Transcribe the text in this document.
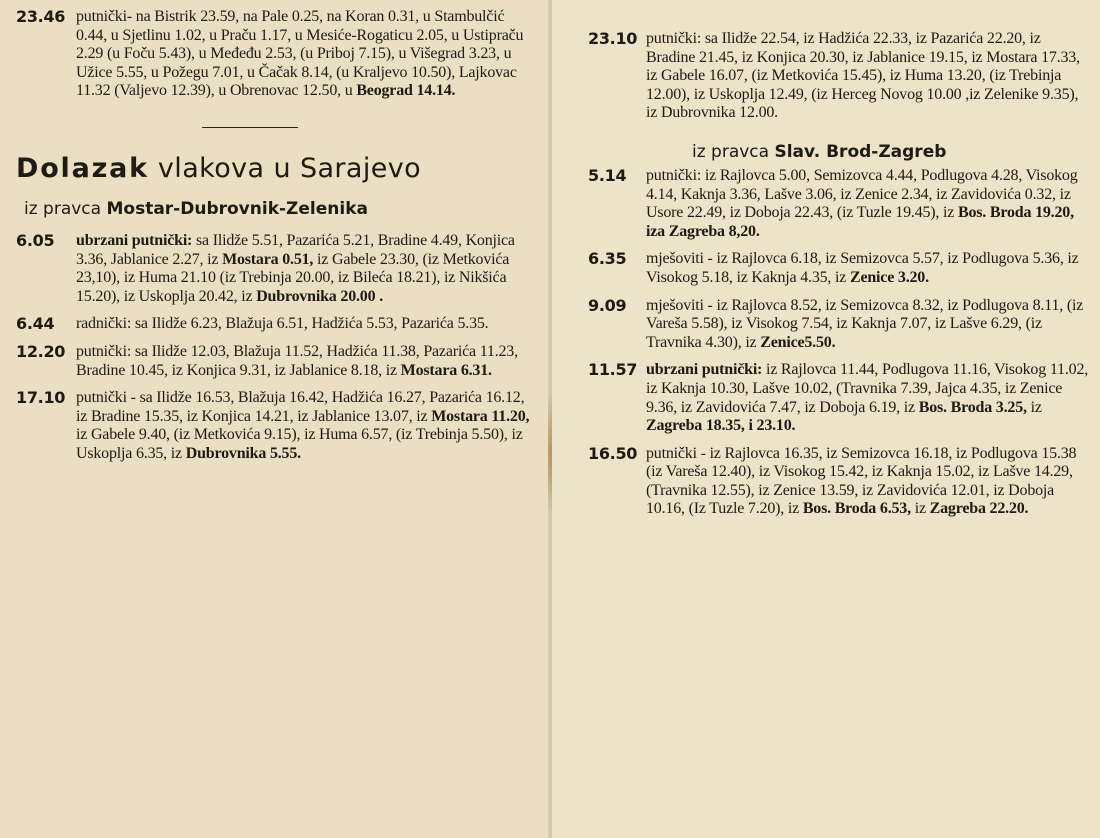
23.46 putnički- na Bistrik 23.59, na Pale 0.25, na Koran 0.31, u Stambulčić 0.44, u Sjetlinu 1.02, u Praču 1.17, u Mesiće-Rogaticu 2.05, u Ustipraču 2.29 (u Foču 5.43), u Međeđu 2.53, (u Priboj 7.15), u Višegrad 3.23, u Užice 5.55, u Požegu 7.01, u Čačak 8.14, (u Kraljevo 10.50), Lajkovac 11.32 (Valjevo 12.39), u Obrenovac 12.50, u Beograd 14.14.
Dolazak vlakova u Sarajevo
iz pravca Mostar-Dubrovnik-Zelenika
6.05	ubrzani putnički: sa Ilidže 5.51, Pazarića 5.21, Bradine 4.49, Konjica 3.36, Jablanice 2.27, iz Mostara 0.51, iz Gabele 23.30, (iz Metkovića 23,10), iz Huma 21.10 (iz Trebinja 20.00, iz Bileća 18.21), iz Nikšića 15.20), iz Uskoplja 20.42, iz Dubrovnika 20.00 .
6.44	radnički: sa Ilidže 6.23, Blažuja 6.51, Hadžića 5.53, Pazarića 5.35.
12.20 putnički: sa Ilidže 12.03, Blažuja 11.52, Hadžića 11.38, Pazarića 11.23, Bradine 10.45, iz Konjica 9.31, iz Jablanice 8.18, iz Mostara 6.31.
17.10 putnički - sa Ilidže 16.53, Blažuja 16.42, Hadžića 16.27, Pazarića 16.12, iz Bradine 15.35, iz Konjica 14.21, iz Jablanice 13.07, iz Mostara 11.20, iz Gabele 9.40, (iz Metkovića 9.15), iz Huma 6.57, (iz Trebinja 5.50), iz Uskoplja 6.35, iz Dubrovnika 5.55.
23.10 putnički: sa Ilidže 22.54, iz Hadžića 22.33, iz Pazarića 22.20, iz Bradine 21.45, iz Konjica 20.30, iz Jablanice 19.15, iz Mostara 17.33, iz Gabele 16.07, (iz Metkovića 15.45), iz Huma 13.20, (iz Trebinja 12.00), iz Uskoplja 12.49, (iz Herceg Novog 10.00 ,iz Zelenike 9.35), iz Dubrovnika 12.00.
iz pravca Slav. Brod-Zagreb
5.14	putnički: iz Rajlovca 5.00, Semizovca 4.44, Podlugova 4.28, Visokog 4.14, Kaknja 3.36, Lašve 3.06, iz Zenice 2.34, iz Zavidovića 0.32, iz Usore 22.49, iz Doboja 22.43, (iz Tuzle 19.45), iz Bos. Broda 19.20, iza Zagreba 8,20.
6.35	mješoviti - iz Rajlovca 6.18, iz Semizovca 5.57, iz Podlugova 5.36, iz Visokog 5.18, iz Kaknja 4.35, iz Zenice 3.20.
9.09	mješoviti - iz Rajlovca 8.52, iz Semizovca 8.32, iz Podlugova 8.11, (iz Vareša 5.58), iz Visokog 7.54, iz Kaknja 7.07, iz Lašve 6.29, (iz Travnika 4.30), iz Zenice5.50.
11.57 ubrzani putnički: iz Rajlovca 11.44, Podlugova 11.16, Visokog 11.02, iz Kaknja 10.30, Lašve 10.02, (Travnika 7.39, Jajca 4.35, iz Zenice 9.36, iz Zavidovića 7.47, iz Doboja 6.19, iz Bos. Broda 3.25, iz Zagreba 18.35, i 23.10.
16.50 putnički - iz Rajlovca 16.35, iz Semizovca 16.18, iz Podlugova 15.38 (iz Vareša 12.40), iz Visokog 15.42, iz Kaknja 15.02, iz Lašve 14.29, (Travnika 12.55), iz Zenice 13.59, iz Zavidovića 12.01, iz Doboja 10.16, (Iz Tuzle 7.20), iz Bos. Broda 6.53, iz Zagreba 22.20.
